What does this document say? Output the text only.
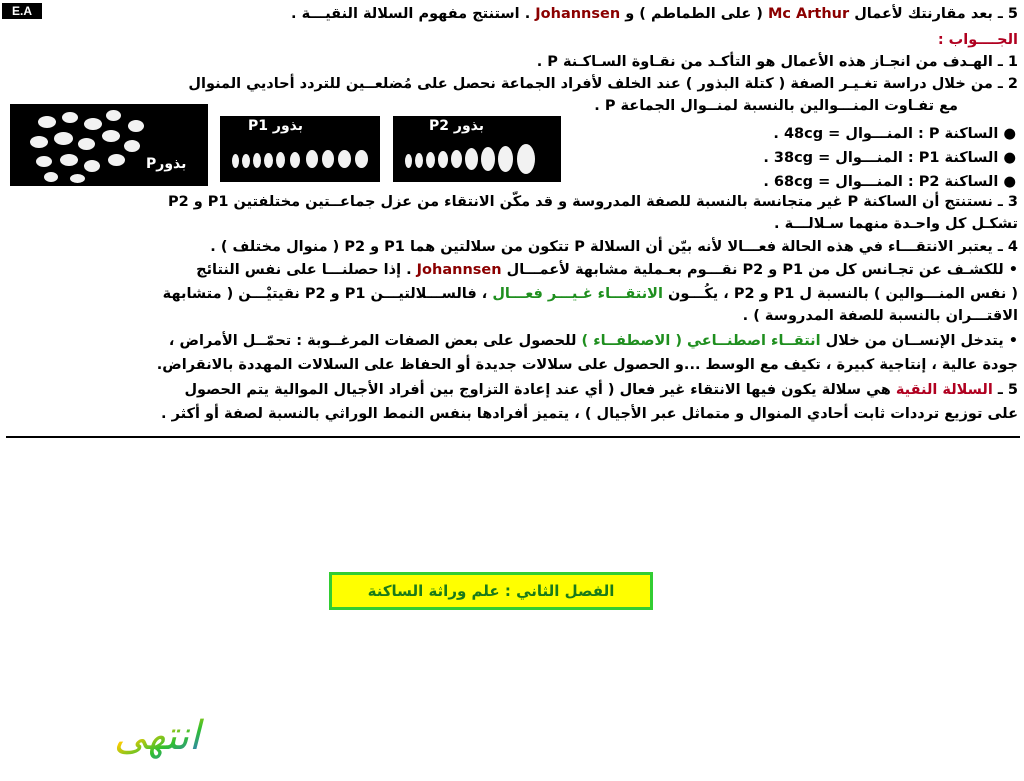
E.A	5 ـ بعد مقارنتك لأعمال Mc Arthur ( على الطماطم ) و Johannsen . استنتج مفهوم السلالة النقيـــة .
الجــــواب :
1 ـ الهـدف من انجـاز هذه الأعمال هو التأكـد من نقـاوة السـاكـنة P .
2 ـ من خلال دراسة تغـيـر الصفة ( كتلة البذور ) عند الخلف لأفراد الجماعة نحصل على مُضلعــين للتردد أحاديي المنوال
مع تفـاوت المنـــوالين بالنسبة لمنــوال الجماعة P .
3 ـ نستنتج أن الساكنة P غير متجانسة بالنسبة للصفة المدروسة و قد مكّن الانتقاء من عزل جماعــتين مختلفتين P1 و P2
تشكـل كل واحـدة منهما سـلالـــة .
4 ـ يعتبر الانتقـــاء في هذه الحالة فعـــالا لأنه بيّن أن السلالة P تتكون من سلالتين هما P1 و P2 ( منوال مختلف ) .
• للكشـف عن تجـانس كل من P1 و P2 نقـــوم بعـملية مشابهة لأعمـــال Johannsen . إذا حصلنـــا على نفس النتائج
( نفس المنـــوالين ) بالنسبة ل P1 و P2 ، يكُـــون الانتقـــاء غـيـــر فعـــال ، فالســـلالتيـــن P1 و P2 نقيتيْـــن ( متشابهة
الاقتـــران بالنسبة للصفة المدروسة ) .
• يتدخل الإنســان من خلال انتقــاء اصطنــاعي ( الاصطفــاء ) للحصول على بعض الصفات المرغــوبة : تحمّــل الأمراض ،
جودة عالية ، إنتاجية كبيرة ، تكيف مع الوسط ...و الحصول على سلالات جديدة أو الحفاظ على السلالات المهددة بالانقراض.
5 ـ السلالة النقية هي سلالة يكون فيها الانتقاء غير فعال ( أي عند إعادة التزاوج بين أفراد الأجيال الموالية يتم الحصول
على توزيع ترددات ثابت أحادي المنوال و متماثل عبر الأجيال ) ، يتميز أفرادها بنفس النمط الوراثي بالنسبة لصفة أو أكثر .
بذورP
P1 بذور	P2 بذور	● الساكنة P : المنـــوال = 48cg .
● الساكنة P1 : المنـــوال = 38cg .
● الساكنة P2 : المنـــوال = 68cg .
الفصل الثاني : علم وراثة الساكنة
انتهى
